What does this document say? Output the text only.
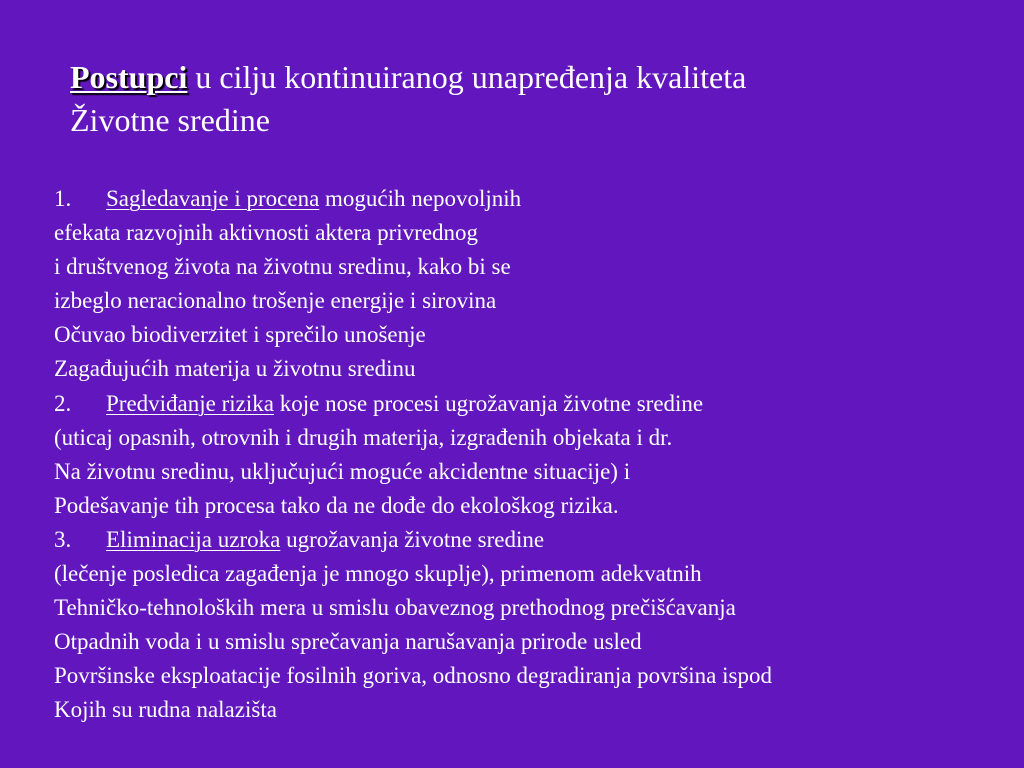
Postupci u cilju kontinuiranog unapređenja kvaliteta
Životne sredine
1. Sagledavanje i procena mogućih nepovoljnih
efekata razvojnih aktivnosti aktera privrednog
i društvenog života na životnu sredinu, kako bi se
izbeglo neracionalno trošenje energije i sirovina
Očuvao biodiverzitet i sprečilo unošenje
Zagađujućih materija u životnu sredinu
2. Predviđanje rizika koje nose procesi ugrožavanja životne sredine
(uticaj opasnih, otrovnih i drugih materija, izgrađenih objekata i dr.
Na životnu sredinu, uključujući moguće akcidentne situacije) i
Podešavanje tih procesa tako da ne dođe do ekološkog rizika.
3. Eliminacija uzroka ugrožavanja životne sredine
(lečenje posledica zagađenja je mnogo skuplje), primenom adekvatnih
Tehničko-tehnoloških mera u smislu obaveznog prethodnog prečišćavanja
Otpadnih voda i u smislu sprečavanja narušavanja prirode usled
Površinske eksploatacije fosilnih goriva, odnosno degradiranja površina ispod
Kojih su rudna nalazišta
